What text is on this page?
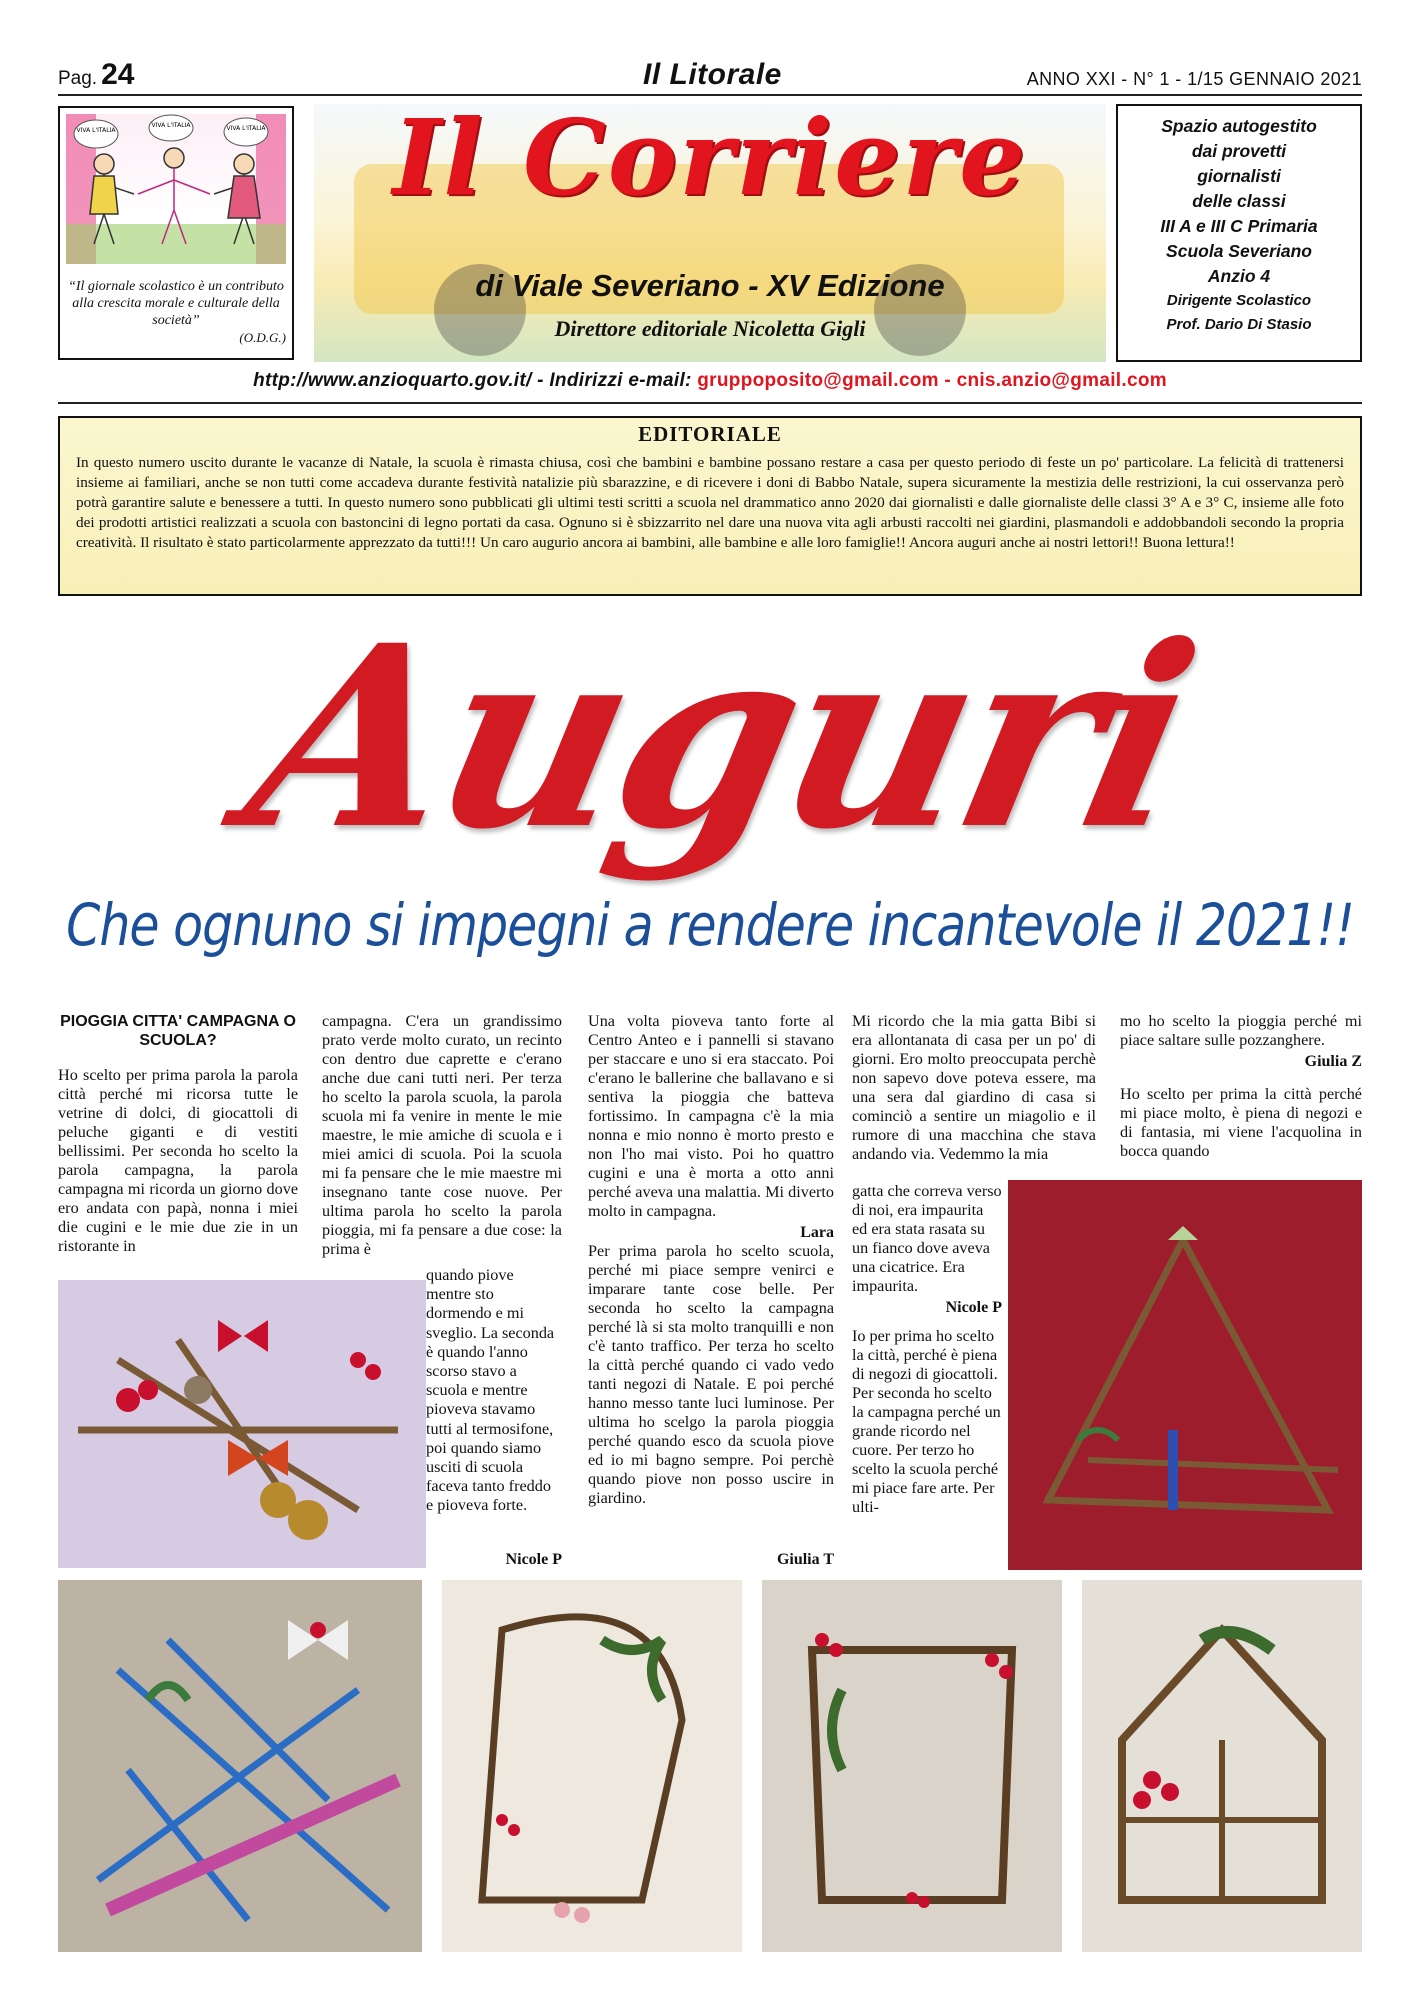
Pag. 24	Il Litorale	ANNO XXI - N° 1 - 1/15 GENNAIO 2021
VIVA L'ITALIA
VIVA L'ITALIA	VIVA L'ITALIA
“Il giornale scolastico è un contributo alla crescita morale e culturale della società”
(O.D.G.)
Il Corriere
di Viale Severiano - XV Edizione
Direttore editoriale Nicoletta Gigli
Spazio autogestito
dai provetti
giornalisti
delle classi
III A e III C Primaria
Scuola Severiano
Anzio 4
Dirigente Scolastico
Prof. Dario Di Stasio
http://www.anzioquarto.gov.it/ - Indirizzi e-mail: gruppoposito@gmail.com - cnis.anzio@gmail.com
EDITORIALE

In questo numero uscito durante le vacanze di Natale, la scuola è rimasta chiusa, così che bambini e bambine possano restare a casa per questo periodo di feste un po' particolare. La felicità di trattenersi insieme ai familiari, anche se non tutti come accadeva durante festività natalizie più sbarazzine, e di ricevere i doni di Babbo Natale, supera sicuramente la mestizia delle restrizioni, la cui osservanza però potrà garantire salute e benessere a tutti. In questo numero sono pubblicati gli ultimi testi scritti a scuola nel drammatico anno 2020 dai giornalisti e dalle giornaliste delle classi 3° A e 3° C, insieme alle foto dei prodotti artistici realizzati a scuola con bastoncini di legno portati da casa. Ognuno si è sbizzarrito nel dare una nuova vita agli arbusti raccolti nei giardini, plasmandoli e addobbandoli secondo la propria creatività. Il risultato è stato particolarmente apprezzato da tutti!!! Un caro augurio ancora ai bambini, alle bambine e alle loro famiglie!! Ancora auguri anche ai nostri lettori!! Buona lettura!!

Auguri
Che ognuno si impegni a rendere incantevole il 2021!!
PIOGGIA CITTA' CAMPAGNA O SCUOLA?

Ho scelto per prima parola la parola città perché mi ricorsa tutte le vetrine di dolci, di giocattoli di peluche giganti e di vestiti bellissimi. Per seconda ho scelto la parola campagna, la parola campagna mi ricorda un giorno dove ero andata con papà, nonna i miei die cugini e le mie due zie in un ristorante in

campagna. C'era un grandissimo prato verde molto curato, un recinto con dentro due caprette e c'erano anche due cani tutti neri. Per terza ho scelto la parola scuola, la parola scuola mi fa venire in mente le mie maestre, le mie amiche di scuola e i miei amici di scuola. Poi la scuola mi fa pensare che le mie maestre mi insegnano tante cose nuove. Per ultima parola ho scelto la parola pioggia, mi fa pensare a due cose: la prima è

quando piove mentre sto dormendo e mi sveglio. La seconda è quando l'anno scorso stavo a scuola e mentre pioveva stavamo tutti al termosifone, poi quando siamo usciti di scuola faceva tanto freddo e pioveva forte.

Nicole P

Una volta pioveva tanto forte al Centro Anteo e i pannelli si stavano per staccare e uno si era staccato. Poi c'erano le ballerine che ballavano e si sentiva la pioggia che batteva fortissimo. In campagna c'è la mia nonna e mio nonno è morto presto e non l'ho mai visto. Poi ho quattro cugini e una è morta a otto anni perché aveva una malattia. Mi diverto molto in campagna.

Lara

Per prima parola ho scelto scuola, perché mi piace sempre venirci e imparare tante cose belle. Per seconda ho scelto la campagna perché là si sta molto tranquilli e non c'è tanto traffico. Per terza ho scelto la città perché quando ci vado vedo tanti negozi di Natale. E poi perché hanno messo tante luci luminose. Per ultima ho scelgo la parola pioggia perché quando esco da scuola piove ed io mi bagno sempre. Poi perchè quando piove non posso uscire in giardino.

Giulia T

Mi ricordo che la mia gatta Bibi si era allontanata di casa per un po' di giorni. Ero molto preoccupata perchè non sapevo dove poteva essere, ma una sera dal giardino di casa si cominciò a sentire un miagolio e il rumore di una macchina che stava andando via. Vedemmo la mia

gatta che correva verso di noi, era impaurita ed era stata rasata su un fianco dove aveva una cicatrice. Era impaurita.

Nicole P

Io per prima ho scelto la città, perché è piena di negozi di giocattoli. Per seconda ho scelto la campagna perché un grande ricordo nel cuore. Per terzo ho scelto la scuola perché mi piace fare arte. Per ulti-

mo ho scelto la pioggia perché mi piace saltare sulle pozzanghere.

Giulia Z

Ho scelto per prima la città perché mi piace molto, è piena di negozi e di fantasia, mi viene l'acquolina in bocca quando
